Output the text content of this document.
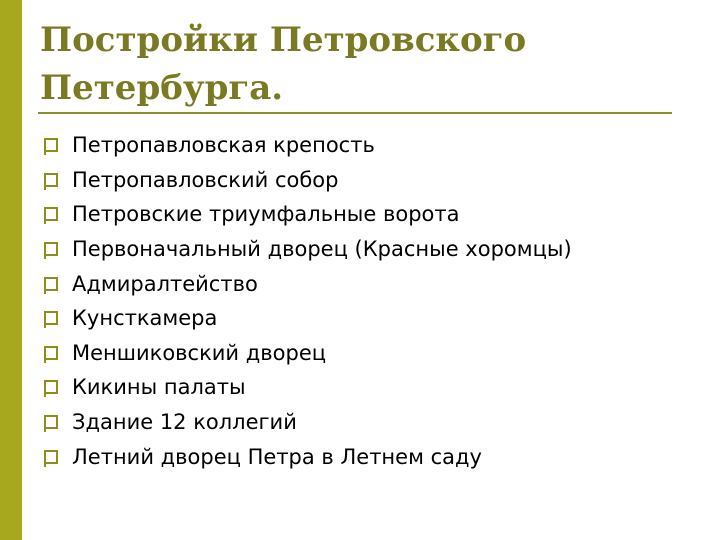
Постройки Петровского
Петербурга.
Петропавловская крепость
Петропавловский собор
Петровские триумфальные ворота
Первоначальный дворец (Красные хоромцы)
Адмиралтейство
Кунсткамера
Меншиковский дворец
Кикины палаты
Здание 12 коллегий
Летний дворец Петра в Летнем саду
